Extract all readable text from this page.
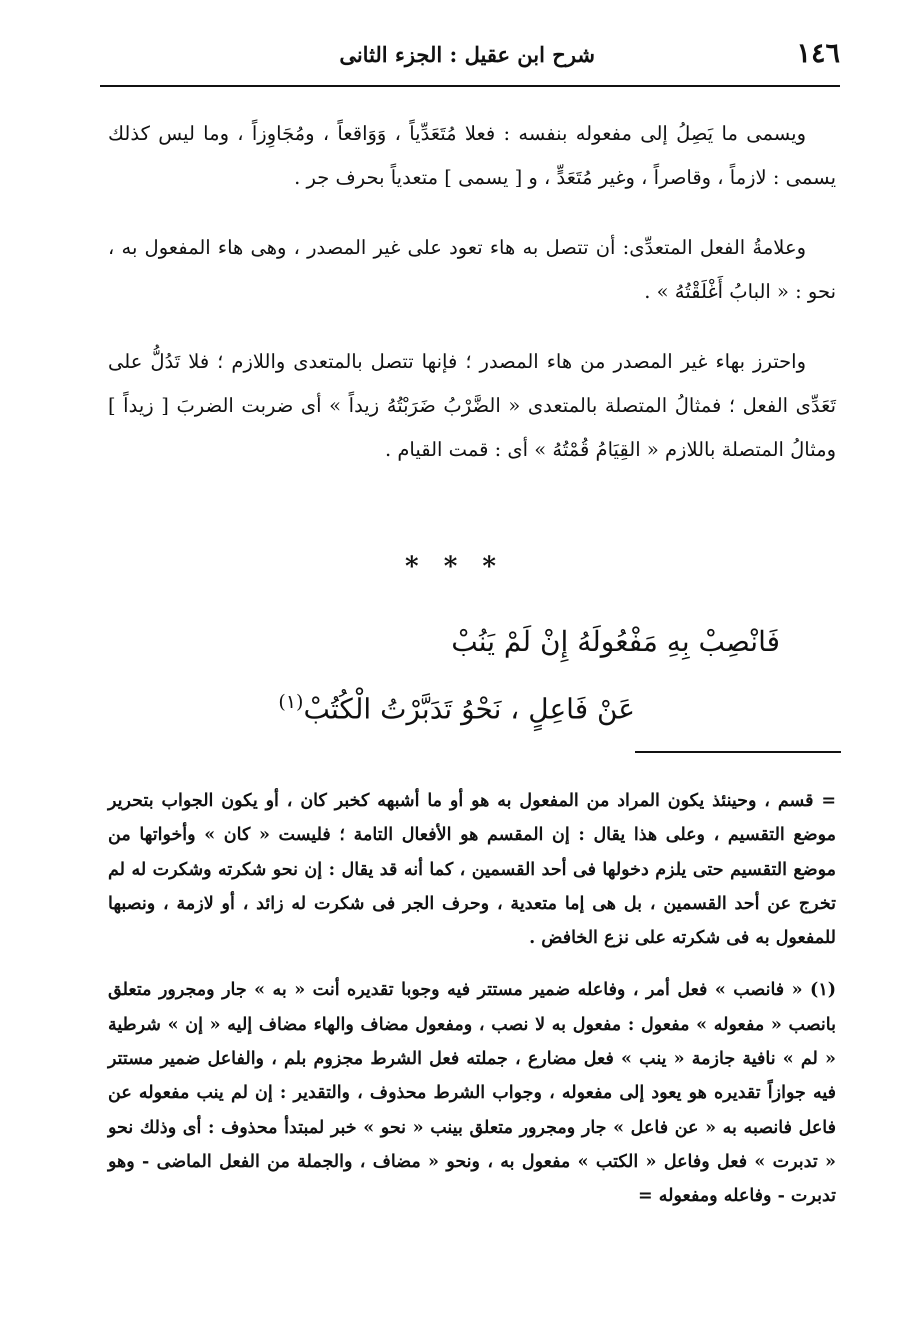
١٤٦
شرح ابن عقيل : الجزء الثانى

ويسمى ما يَصِلُ إلى مفعوله بنفسه : فعلا مُتَعَدِّياً ، وَوَاقعاً ، ومُجَاوِزاً ، وما ليس كذلك يسمى : لازماً ، وقاصراً ، وغير مُتَعَدٍّ ، و [ يسمى ] متعدياً بحرف جر .

وعلامةُ الفعل المتعدِّى: أن تتصل به هاء تعود على غير المصدر ، وهى هاء المفعول به ، نحو : « البابُ أَغْلَقْتُهُ » .

واحترز بهاء غير المصدر من هاء المصدر ؛ فإنها تتصل بالمتعدى واللازم ؛ فلا تَدُلُّ على تَعَدِّى الفعل ؛ فمثالُ المتصلة بالمتعدى « الضَّرْبُ ضَرَبْتُهُ زيداً » أى ضربت الضربَ [ زيداً ] ومثالُ المتصلة باللازم « القِيَامُ قُمْتُهُ » أى : قمت القيام .

* * *
فَانْصِبْ بِهِ مَفْعُولَهُ إِنْ لَمْ يَنُبْ
عَنْ فَاعِلٍ ، نَحْوُ تَدَبَّرْتُ الْكُتُبْ$^{(١)}$

= قسم ، وحينئذ يكون المراد من المفعول به هو أو ما أشبهه كخبر كان ، أو يكون الجواب بتحرير موضع التقسيم ، وعلى هذا يقال : إن المقسم هو الأفعال التامة ؛ فليست « كان » وأخواتها من موضع التقسيم حتى يلزم دخولها فى أحد القسمين ، كما أنه قد يقال : إن نحو شكرته وشكرت له لم تخرج عن أحد القسمين ، بل هى إما متعدية ، وحرف الجر فى شكرت له زائد ، أو لازمة ، ونصبها للمفعول به فى شكرته على نزع الخافض .

(١) « فانصب » فعل أمر ، وفاعله ضمير مستتر فيه وجوبا تقديره أنت « به » جار ومجرور متعلق بانصب « مفعوله » مفعول : مفعول به لا نصب ، ومفعول مضاف والهاء مضاف إليه « إن » شرطية « لم » نافية جازمة « ينب » فعل مضارع ، جملته فعل الشرط مجزوم بلم ، والفاعل ضمير مستتر فيه جوازاً تقديره هو يعود إلى مفعوله ، وجواب الشرط محذوف ، والتقدير : إن لم ينب مفعوله عن فاعل فانصبه به « عن فاعل » جار ومجرور متعلق بينب « نحو » خبر لمبتدأ محذوف : أى وذلك نحو « تدبرت » فعل وفاعل « الكتب » مفعول به ، ونحو « مضاف ، والجملة من الفعل الماضى - وهو تدبرت - وفاعله ومفعوله =
